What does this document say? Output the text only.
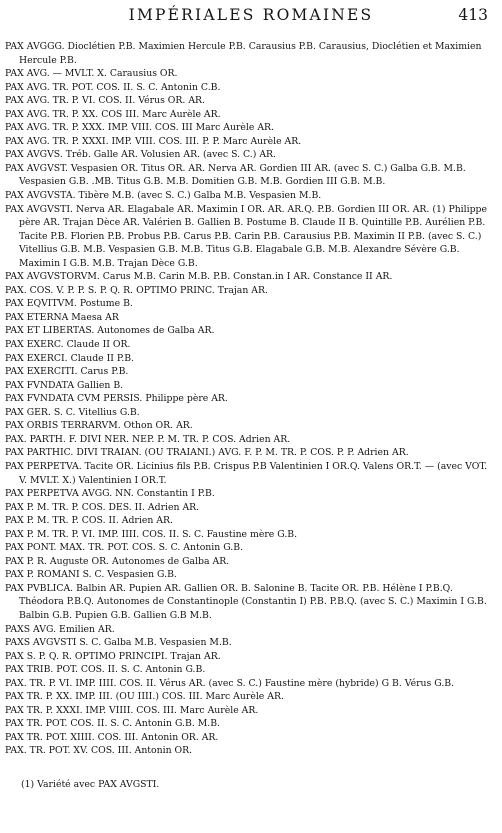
IMPÉRIALES ROMAINES	413

PAX AVGGG. Dioclétien P.B. Maximien Hercule P.B. Carausius P.B. Carausius, Dioclétien et Maximien Hercule P.B.

PAX AVG. — MVLT. X. Carausius OR.

PAX AVG. TR. POT. COS. II. S. C. Antonin C.B.

PAX AVG. TR. P. VI. COS. II. Vérus OR. AR.

PAX AVG. TR. P. XX. COS III. Marc Aurèle AR.

PAX AVG. TR. P. XXX. IMP. VIII. COS. III Marc Aurèle AR.

PAX AVG. TR. P. XXXI. IMP. VIII. COS. III. P. P. Marc Aurèle AR.

PAX AVGVS. Tréb. Galle AR. Volusien AR. (avec S. C.) AR.

PAX AVGVST. Vespasien OR. Titus OR. AR. Nerva AR. Gordien III AR. (avec S. C.) Galba G.B. M.B. Vespasien G.B. .MB. Titus G.B. M.B. Domitien G.B. M.B. Gordien III G.B. M.B.

PAX AVGVSTA. Tibère M.B. (avec S. C.) Galba M.B. Vespasien M.B.

PAX AVGVSTI. Nerva AR. Elagabale AR. Maximin I OR. AR. AR.Q. P.B. Gordien III OR. AR. (1) Philippe père AR. Trajan Dèce AR. Valérien B. Gallien B. Postume B. Claude II B. Quintille P.B. Aurélien P.B. Tacite P.B. Florien P.B. Probus P.B. Carus P.B. Carin P.B. Carausius P.B. Maximin II P.B. (avec S. C.) Vitellius G.B. M.B. Vespasien G.B. M.B. Titus G.B. Elagabale G.B. M.B. Alexandre Sévère G.B. Maximin I G.B. M.B. Trajan Dèce G.B.

PAX AVGVSTORVM. Carus M.B. Carin M.B. P.B. Constan.in I AR. Constance II AR.

PAX. COS. V. P. P. S. P. Q. R. OPTIMO PRINC. Trajan AR.

PAX EQVITVM. Postume B.

PAX ETERNA Maesa AR

PAX ET LIBERTAS. Autonomes de Galba AR.

PAX EXERC. Claude II OR.

PAX EXERCI. Claude II P.B.

PAX EXERCITI. Carus P.B.

PAX FVNDATA Gallien B.

PAX FVNDATA CVM PERSIS. Philippe père AR.

PAX GER. S. C. Vitellius G.B.

PAX ORBIS TERRARVM. Othon OR. AR.

PAX. PARTH. F. DIVI NER. NEP. P. M. TR. P. COS. Adrien AR.

PAX PARTHIC. DIVI TRAIAN. (OU TRAIANI.) AVG. F. P. M. TR. P. COS. P. P. Adrien AR.

PAX PERPETVA. Tacite OR. Licinius fils P.B. Crispus P.B Valentinien I OR.Q. Valens OR.T. — (avec VOT. V. MVLT. X.) Valentinien I OR.T.

PAX PERPETVA AVGG. NN. Constantin I P.B.

PAX P. M. TR. P. COS. DES. II. Adrien AR.

PAX P. M. TR. P. COS. II. Adrien AR.

PAX P. M. TR. P. VI. IMP. IIII. COS. II. S. C. Faustine mère G.B.

PAX PONT. MAX. TR. POT. COS. S. C. Antonin G.B.

PAX P. R. Auguste OR. Autonomes de Galba AR.

PAX P. ROMANI S. C. Vespasien G.B.

PAX PVBLICA. Balbin AR. Pupien AR. Gallien OR. B. Salonine B. Tacite OR. P.B. Hélène I P.B.Q. Théodora P.B.Q. Autonomes de Constantinople (Constantin I) P.B. P.B.Q. (avec S. C.) Maximin I G.B. Balbin G.B. Pupien G.B. Gallien G.B M.B.

PAXS AVG. Emilien AR.

PAXS AVGVSTI S. C. Galba M.B. Vespasien M.B.

PAX S. P. Q. R. OPTIMO PRINCIPI. Trajan AR.

PAX TRIB. POT. COS. II. S. C. Antonin G.B.

PAX. TR. P. VI. IMP. IIII. COS. II. Vérus AR. (avec S. C.) Faustine mère (hybride) G B. Vérus G.B.

PAX TR. P. XX. IMP. III. (OU IIII.) COS. III. Marc Aurèle AR.

PAX TR. P. XXXI. IMP. VIIII. COS. III. Marc Aurèle AR.

PAX TR. POT. COS. II. S. C. Antonin G.B. M.B.

PAX TR. POT. XIIII. COS. III. Antonin OR. AR.

PAX. TR. POT. XV. COS. III. Antonin OR.

(1) Variété avec PAX AVGSTI.
